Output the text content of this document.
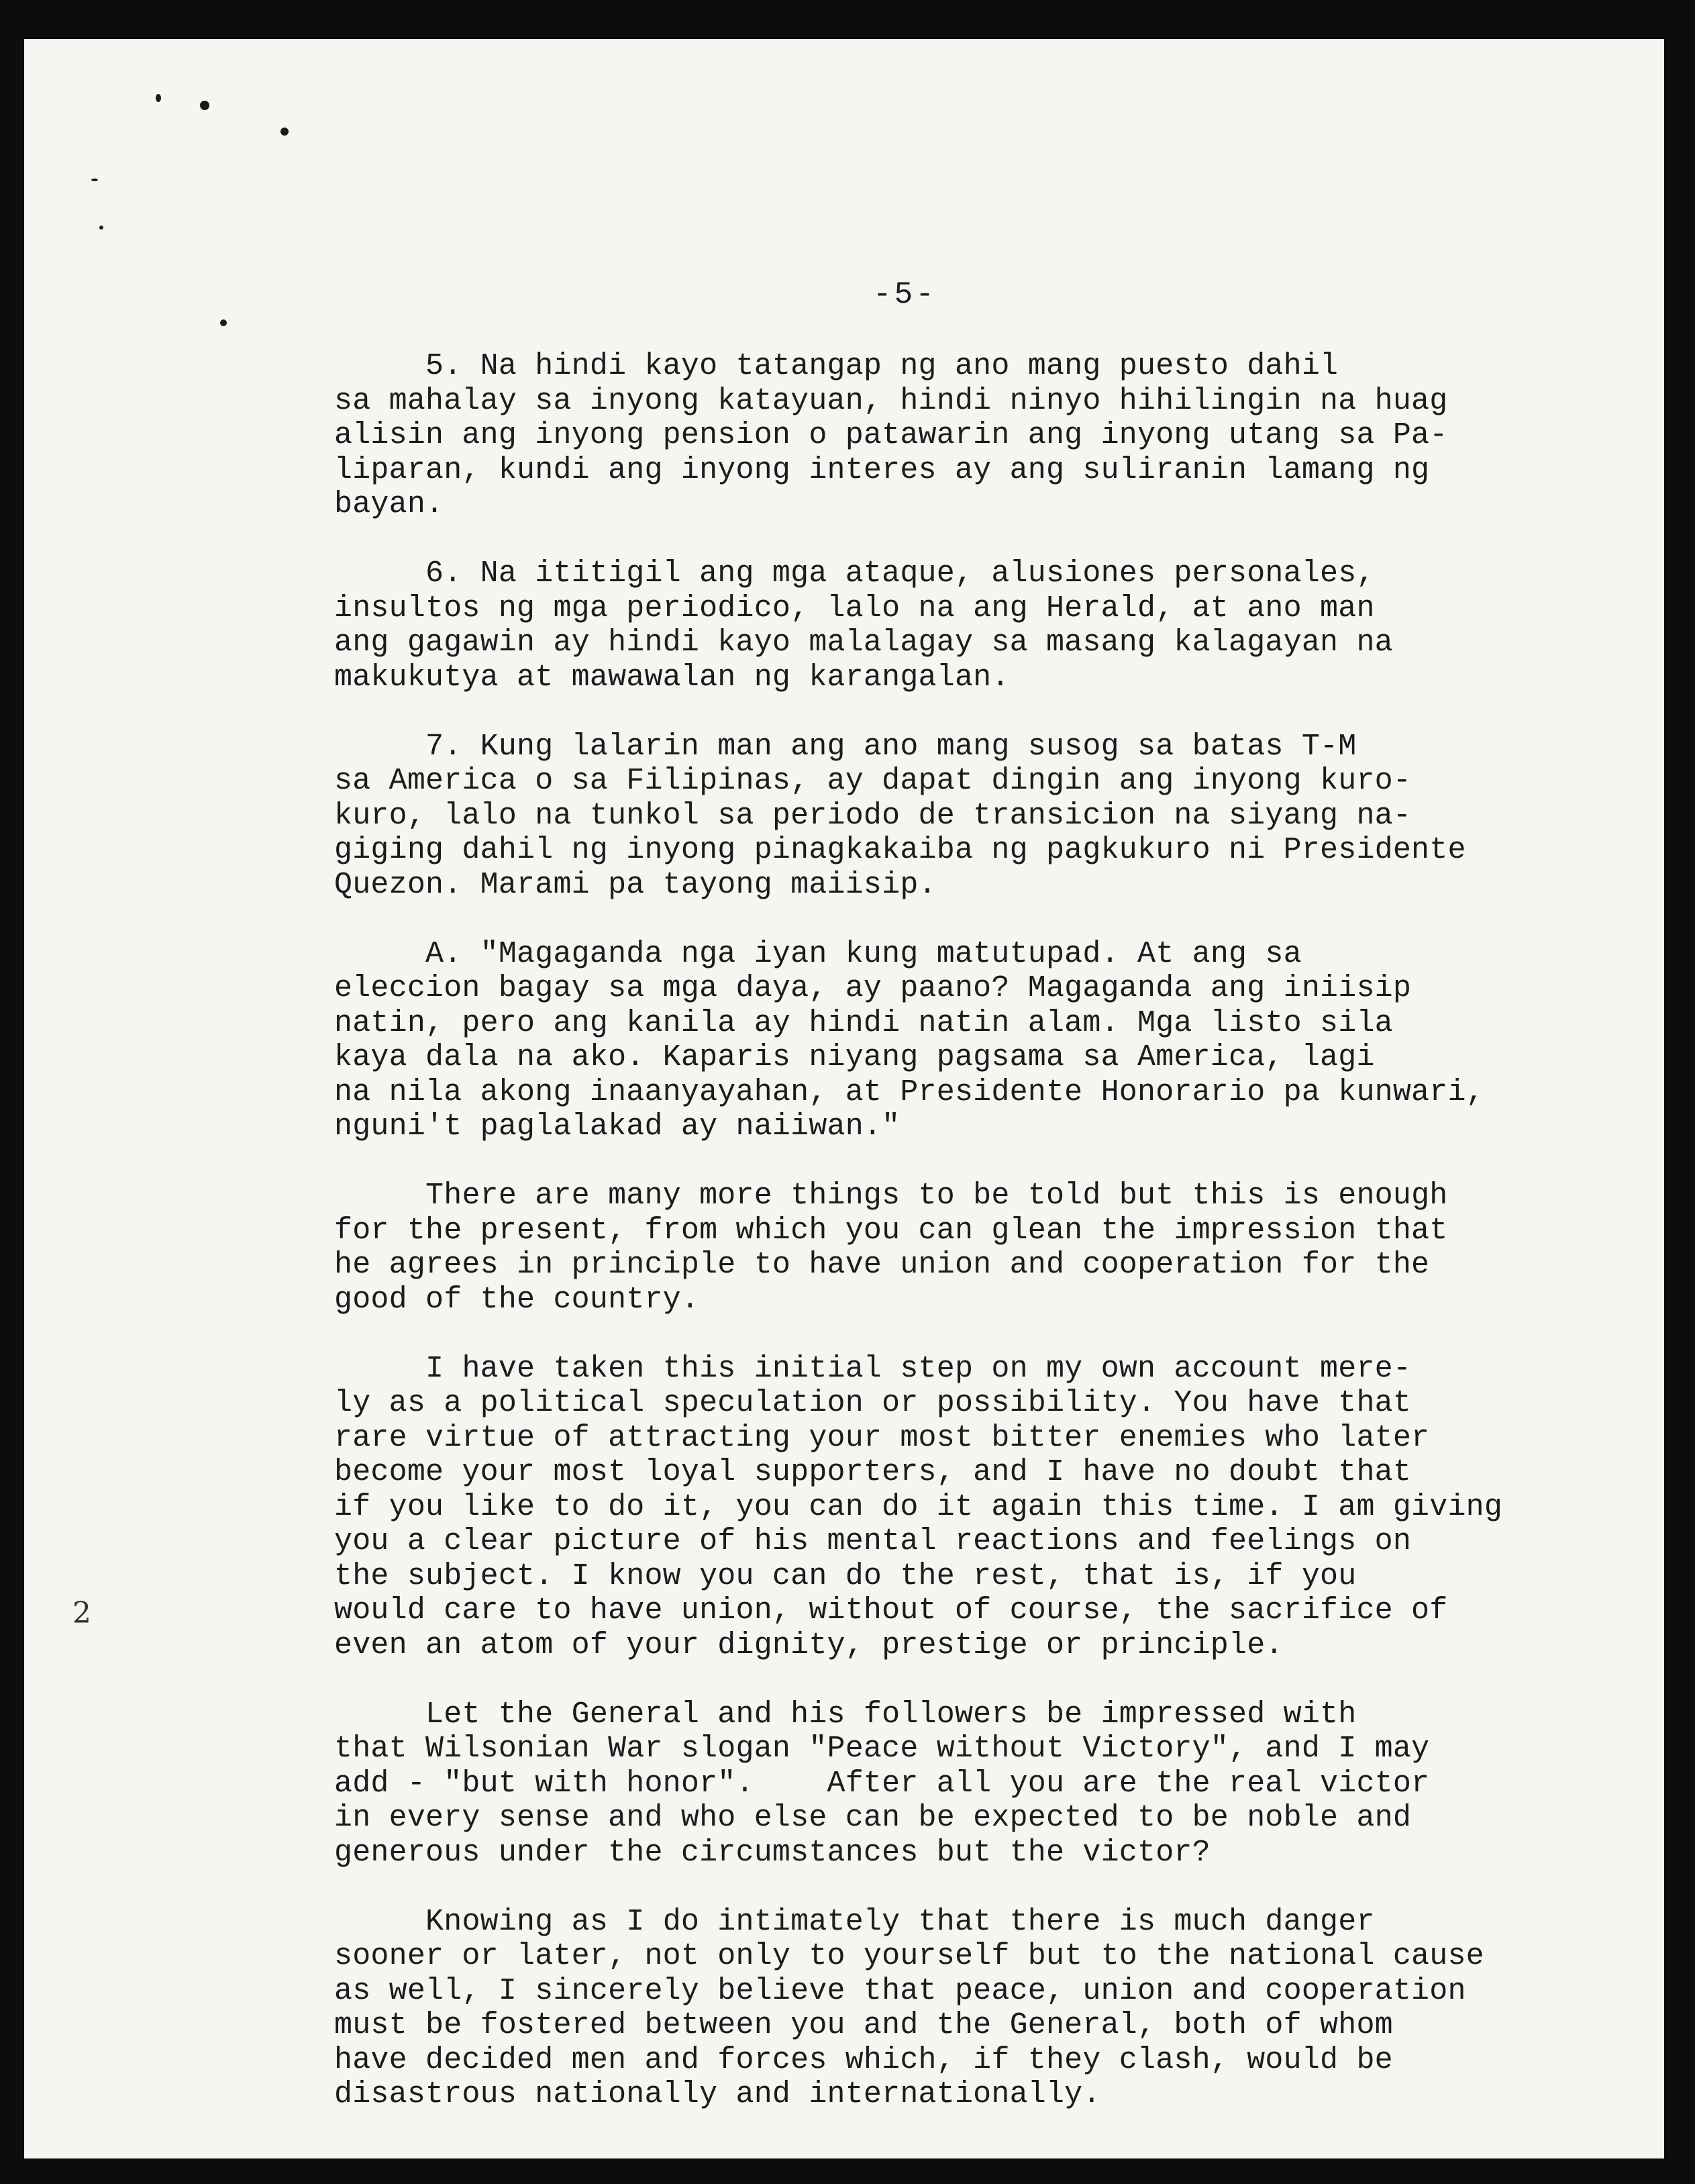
-5-

5. Na hindi kayo tatangap ng ano mang puesto dahil
sa mahalay sa inyong katayuan, hindi ninyo hihilingin na huag
alisin ang inyong pension o patawarin ang inyong utang sa Pa-
liparan, kundi ang inyong interes ay ang suliranin lamang ng
bayan.

6. Na ititigil ang mga ataque, alusiones personales,
insultos ng mga periodico, lalo na ang Herald, at ano man
ang gagawin ay hindi kayo malalagay sa masang kalagayan na
makukutya at mawawalan ng karangalan.

7. Kung lalarin man ang ano mang susog sa batas T-M
sa America o sa Filipinas, ay dapat dingin ang inyong kuro-
kuro, lalo na tunkol sa periodo de transicion na siyang na-
giging dahil ng inyong pinagkakaiba ng pagkukuro ni Presidente
Quezon. Marami pa tayong maiisip.

A. "Magaganda nga iyan kung matutupad. At ang sa
eleccion bagay sa mga daya, ay paano? Magaganda ang iniisip
natin, pero ang kanila ay hindi natin alam. Mga listo sila
kaya dala na ako. Kaparis niyang pagsama sa America, lagi
na nila akong inaanyayahan, at Presidente Honorario pa kunwari,
nguni't paglalakad ay naiiwan."

There are many more things to be told but this is enough
for the present, from which you can glean the impression that
he agrees in principle to have union and cooperation for the
good of the country.

I have taken this initial step on my own account mere-
ly as a political speculation or possibility. You have that
rare virtue of attracting your most bitter enemies who later
become your most loyal supporters, and I have no doubt that
if you like to do it, you can do it again this time. I am giving
you a clear picture of his mental reactions and feelings on
the subject. I know you can do the rest, that is, if you
would care to have union, without of course, the sacrifice of
even an atom of your dignity, prestige or principle.

Let the General and his followers be impressed with
that Wilsonian War slogan "Peace without Victory", and I may
add - "but with honor".    After all you are the real victor
in every sense and who else can be expected to be noble and
generous under the circumstances but the victor?

Knowing as I do intimately that there is much danger
sooner or later, not only to yourself but to the national cause
as well, I sincerely believe that peace, union and cooperation
must be fostered between you and the General, both of whom
have decided men and forces which, if they clash, would be
disastrous nationally and internationally.

2
